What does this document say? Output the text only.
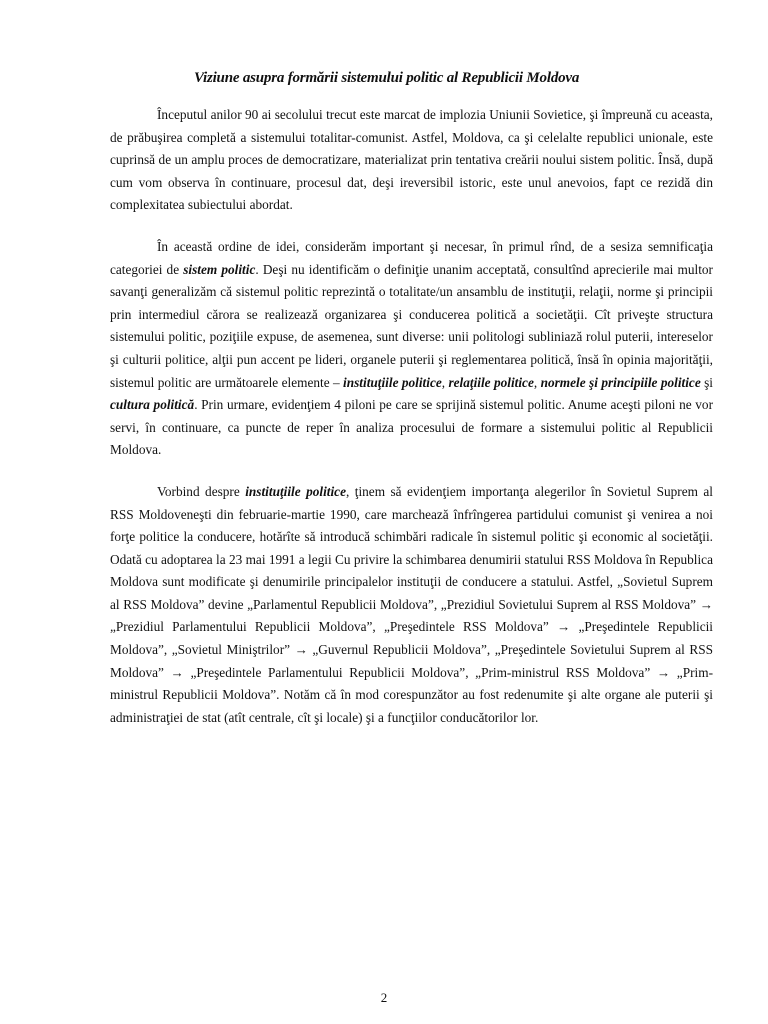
Viziune asupra formării sistemului politic al Republicii Moldova

Începutul anilor 90 ai secolului trecut este marcat de implozia Uniunii Sovietice, şi împreună cu aceasta, de prăbuşirea completă a sistemului totalitar-comunist. Astfel, Moldova, ca şi celelalte republici unionale, este cuprinsă de un amplu proces de democratizare, materializat prin tentativa creării noului sistem politic. Însă, după cum vom observa în continuare, procesul dat, deşi ireversibil istoric, este unul anevoios, fapt ce rezidă din complexitatea subiectului abordat.

În această ordine de idei, considerăm important şi necesar, în primul rînd, de a sesiza semnificaţia categoriei de sistem politic. Deşi nu identificăm o definiţie unanim acceptată, consultînd aprecierile mai multor savanţi generalizăm că sistemul politic reprezintă o totalitate/un ansamblu de instituţii, relaţii, norme şi principii prin intermediul cărora se realizează organizarea şi conducerea politică a societăţii. Cît priveşte structura sistemului politic, poziţiile expuse, de asemenea, sunt diverse: unii politologi subliniază rolul puterii, intereselor şi culturii politice, alţii pun accent pe lideri, organele puterii şi reglementarea politică, însă în opinia majorităţii, sistemul politic are următoarele elemente – instituţiile politice, relaţiile politice, normele şi principiile politice şi cultura politică. Prin urmare, evidenţiem 4 piloni pe care se sprijină sistemul politic. Anume aceşti piloni ne vor servi, în continuare, ca puncte de reper în analiza procesului de formare a sistemului politic al Republicii Moldova.

Vorbind despre instituţiile politice, ţinem să evidenţiem importanţa alegerilor în Sovietul Suprem al RSS Moldoveneşti din februarie-martie 1990, care marchează înfrîngerea partidului comunist şi venirea a noi forţe politice la conducere, hotărîte să introducă schimbări radicale în sistemul politic şi economic al societăţii. Odată cu adoptarea la 23 mai 1991 a legii Cu privire la schimbarea denumirii statului RSS Moldova în Republica Moldova sunt modificate şi denumirile principalelor instituţii de conducere a statului. Astfel, „Sovietul Suprem al RSS Moldova” devine „Parlamentul Republicii Moldova”, „Prezidiul Sovietului Suprem al RSS Moldova” → „Prezidiul Parlamentului Republicii Moldova”, „Preşedintele RSS Moldova” → „Preşedintele Republicii Moldova”, „Sovietul Miniştrilor” → „Guvernul Republicii Moldova”, „Preşedintele Sovietului Suprem al RSS Moldova” → „Preşedintele Parlamentului Republicii Moldova”, „Prim-ministrul RSS Moldova” → „Prim-ministrul Republicii Moldova”. Notăm că în mod corespunzător au fost redenumite şi alte organe ale puterii şi administraţiei de stat (atît centrale, cît şi locale) şi a funcţiilor conducătorilor lor.

2
